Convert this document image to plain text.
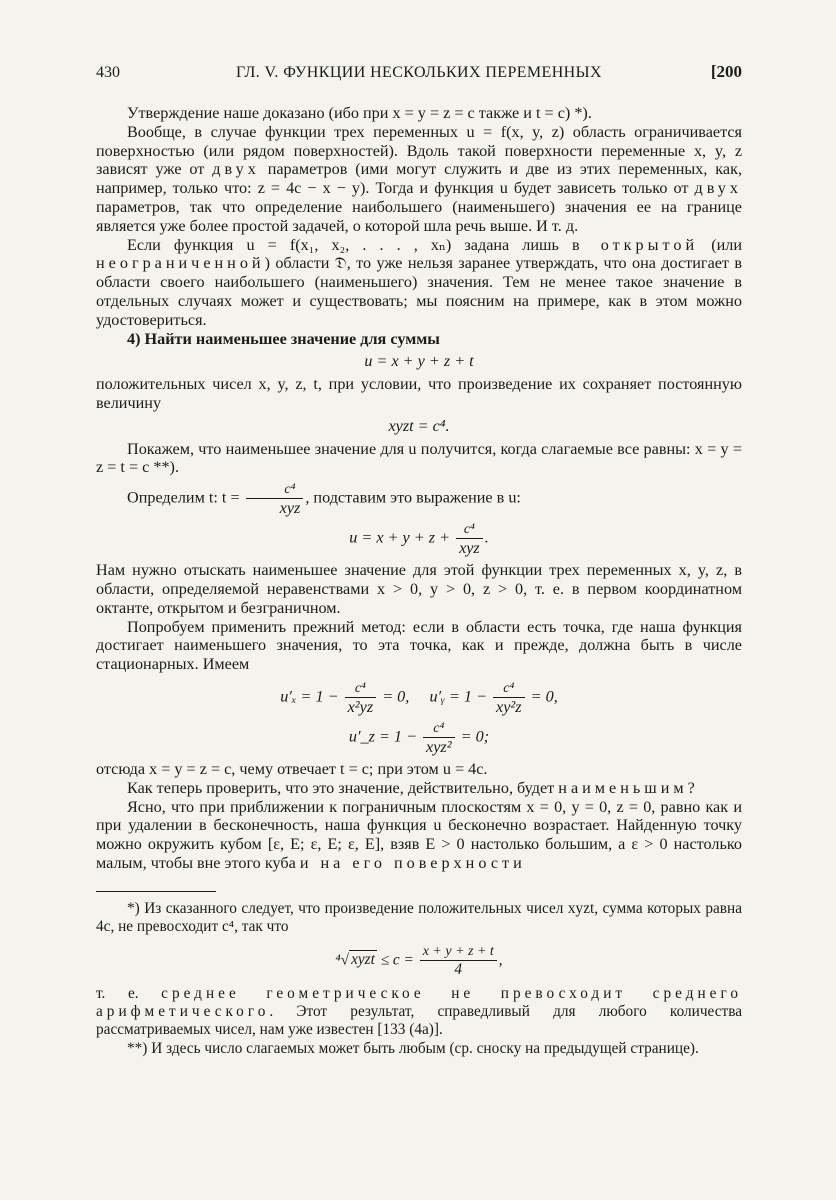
430	ГЛ. V. ФУНКЦИИ НЕСКОЛЬКИХ ПЕРЕМЕННЫХ	[200

Утверждение наше доказано (ибо при x = y = z = c также и t = c) *).

Вообще, в случае функции трех переменных u = f(x, y, z) область ограничивается поверхностью (или рядом поверхностей). Вдоль такой поверхности переменные x, y, z зависят уже от двух параметров (ими могут служить и две из этих переменных, как, например, только что: z = 4c − x − y). Тогда и функция u будет зависеть только от двух параметров, так что определение наибольшего (наименьшего) значения ее на границе является уже более простой задачей, о которой шла речь выше. И т. д.

Если функция u = f(x₁, x₂, . . . , xₙ) задана лишь в открытой (или неограниченной) области 𝔇, то уже нельзя заранее утверждать, что она достигает в области своего наибольшего (наименьшего) значения. Тем не менее такое значение в отдельных случаях может и существовать; мы поясним на примере, как в этом можно удостовериться.

4) Найти наименьшее значение для суммы

u = x + y + z + t

положительных чисел x, y, z, t, при условии, что произведение их сохраняет постоянную величину

xyzt = c⁴.

Покажем, что наименьшее значение для u получится, когда слагаемые все равны: x = y = z = t = c **).

Определим t: $t = \frac{\text{c⁴}}{\text{xyz}}$ , подставим это выражение в u:

$u = x + y + z + \frac{\text{c⁴}}{\text{xyz}}$ .

Нам нужно отыскать наименьшее значение для этой функции трех переменных x, y, z, в области, определяемой неравенствами x > 0, y > 0, z > 0, т. е. в первом координатном октанте, открытом и безграничном.

Попробуем применить прежний метод: если в области есть точка, где наша функция достигает наименьшего значения, то эта точка, как и прежде, должна быть в числе стационарных. Имеем

$u'_x = 1 - \frac{\text{c⁴}}{\text{x²yz}} = 0$, u′ᵧ = $1 - \frac{\text{c⁴}}{\text{xy²z}} = 0$,
u′_z = $1 - \frac{\text{c⁴}}{\text{xyz²}} = 0$;

отсюда x = y = z = c, чему отвечает t = c; при этом u = 4c.

Как теперь проверить, что это значение, действительно, будет наименьшим?

Ясно, что при приближении к пограничным плоскостям x = 0, y = 0, z = 0, равно как и при удалении в бесконечность, наша функция u бесконечно возрастает. Найденную точку можно окружить кубом [ε, E; ε, E; ε, E], взяв E > 0 настолько большим, а ε > 0 настолько малым, чтобы вне этого куба и на его поверхности

*) Из сказанного следует, что произведение положительных чисел xyzt, сумма которых равна 4c, не превосходит c⁴, так что

⁴√ xyzt ≤ $c = \frac{x + y + z + t}{4}$ ,

т. е. среднее геометрическое не превосходит среднего арифметического. Этот результат, справедливый для любого количества рассматриваемых чисел, нам уже известен [133 (4а)].

**) И здесь число слагаемых может быть любым (ср. сноску на предыдущей странице).
